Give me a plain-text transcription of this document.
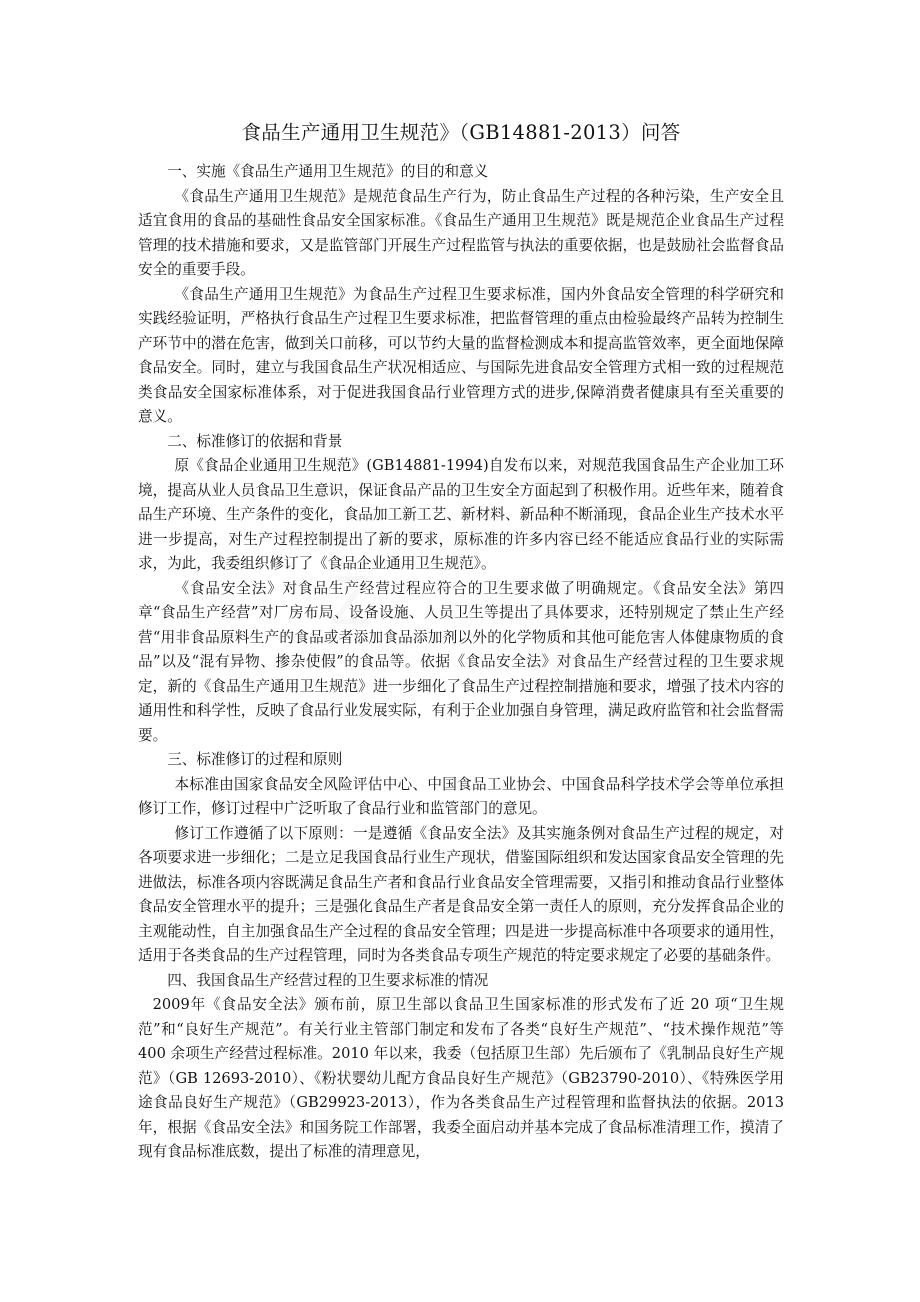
食品生产通用卫生规范》（GB14881-2013）问答

一、实施《食品生产通用卫生规范》的目的和意义

《食品生产通用卫生规范》是规范食品生产行为，防止食品生产过程的各种污染，生产安全且适宜食用的食品的基础性食品安全国家标准。《食品生产通用卫生规范》既是规范企业食品生产过程管理的技术措施和要求，又是监管部门开展生产过程监管与执法的重要依据，也是鼓励社会监督食品安全的重要手段。

《食品生产通用卫生规范》为食品生产过程卫生要求标准，国内外食品安全管理的科学研究和实践经验证明，严格执行食品生产过程卫生要求标准，把监督管理的重点由检验最终产品转为控制生产环节中的潜在危害，做到关口前移，可以节约大量的监督检测成本和提高监管效率，更全面地保障食品安全。同时，建立与我国食品生产状况相适应、与国际先进食品安全管理方式相一致的过程规范类食品安全国家标准体系，对于促进我国食品行业管理方式的进步,保障消费者健康具有至关重要的意义。

二、标准修订的依据和背景

原《食品企业通用卫生规范》(GB14881-1994)自发布以来，对规范我国食品生产企业加工环境，提高从业人员食品卫生意识，保证食品产品的卫生安全方面起到了积极作用。近些年来，随着食品生产环境、生产条件的变化，食品加工新工艺、新材料、新品种不断涌现，食品企业生产技术水平进一步提高，对生产过程控制提出了新的要求，原标准的许多内容已经不能适应食品行业的实际需求，为此，我委组织修订了《食品企业通用卫生规范》。

《食品安全法》对食品生产经营过程应符合的卫生要求做了明确规定。《食品安全法》第四章“食品生产经营”对厂房布局、设备设施、人员卫生等提出了具体要求，还特别规定了禁止生产经营“用非食品原料生产的食品或者添加食品添加剂以外的化学物质和其他可能危害人体健康物质的食品”以及“混有异物、掺杂使假”的食品等。依据《食品安全法》对食品生产经营过程的卫生要求规定，新的《食品生产通用卫生规范》进一步细化了食品生产过程控制措施和要求，增强了技术内容的通用性和科学性，反映了食品行业发展实际，有利于企业加强自身管理，满足政府监管和社会监督需要。

三、标准修订的过程和原则

本标准由国家食品安全风险评估中心、中国食品工业协会、中国食品科学技术学会等单位承担修订工作，修订过程中广泛听取了食品行业和监管部门的意见。

修订工作遵循了以下原则：一是遵循《食品安全法》及其实施条例对食品生产过程的规定，对各项要求进一步细化；二是立足我国食品行业生产现状，借鉴国际组织和发达国家食品安全管理的先进做法，标准各项内容既满足食品生产者和食品行业食品安全管理需要，又指引和推动食品行业整体食品安全管理水平的提升；三是强化食品生产者是食品安全第一责任人的原则，充分发挥食品企业的主观能动性，自主加强食品生产全过程的食品安全管理；四是进一步提高标准中各项要求的通用性，适用于各类食品的生产过程管理，同时为各类食品专项生产规范的特定要求规定了必要的基础条件。

四、我国食品生产经营过程的卫生要求标准的情况

2009年《食品安全法》颁布前，原卫生部以食品卫生国家标准的形式发布了近 20 项“卫生规范”和“良好生产规范”。有关行业主管部门制定和发布了各类“良好生产规范”、“技术操作规范”等 400 余项生产经营过程标准。2010 年以来，我委（包括原卫生部）先后颁布了《乳制品良好生产规范》（GB 12693-2010）、《粉状婴幼儿配方食品良好生产规范》（GB23790-2010）、《特殊医学用途食品良好生产规范》（GB29923-2013），作为各类食品生产过程管理和监督执法的依据。2013 年，根据《食品安全法》和国务院工作部署，我委全面启动并基本完成了食品标准清理工作，摸清了现有食品标准底数，提出了标准的清理意见，
